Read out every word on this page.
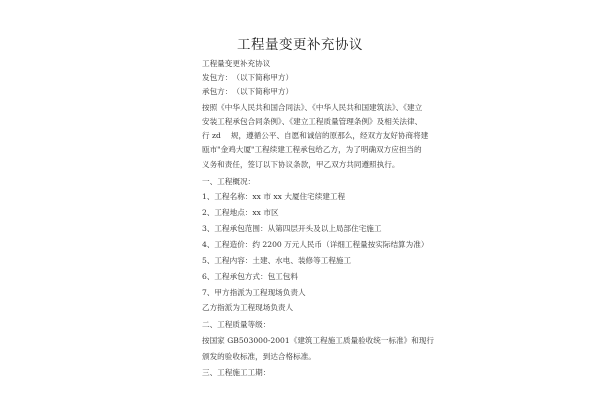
工程量变更补充协议
工程量变更补充协议
发包方：　（以下简称甲方）
承包方：　（以下简称甲方）
按照《中华人民共和国合同法》、《中华人民共和国建筑法》、《建立
安装工程承包合同条例》、《建立工程质量管理条例》及相关法律、
行 zd　 规，遵循公平、自愿和诚信的原那么，经双方友好协商将建
瓯市"金鸡大厦"工程续建工程承包给乙方，为了明确双方应担当的
义务和责任，签订以下协议条款，甲乙双方共同遵照执行。
一、工程概况：
1、工程名称：xx 市 xx 大厦住宅续建工程
2、工程地点：xx 市区
3、工程承包范围：从第四层开头及以上局部住宅施工
4、工程造价：约 2200 万元人民币（详细工程量按实际结算为准）
5、工程内容：土建、水电、装修等工程施工
6、工程承包方式：包工包料
7、甲方指派为工程现场负责人
乙方指派为工程现场负责人
二、工程质量等级：
按国家 GB503000-2001《建筑工程施工质量验收统一标准》和现行
颁发的验收标准，到达合格标准。
三、工程施工工期：
